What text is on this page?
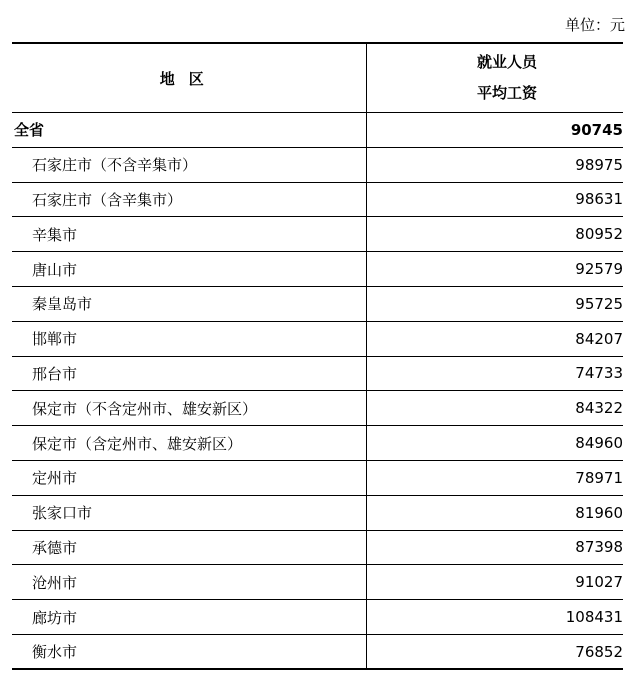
单位：元
地区	就业人员
平均工资

全省	90745
石家庄市（不含辛集市）	98975
石家庄市（含辛集市）	98631
辛集市	80952
唐山市	92579
秦皇岛市	95725
邯郸市	84207
邢台市	74733
保定市（不含定州市、雄安新区）	84322
保定市（含定州市、雄安新区）	84960
定州市	78971
张家口市	81960
承德市	87398
沧州市	91027
廊坊市	108431
衡水市	76852
